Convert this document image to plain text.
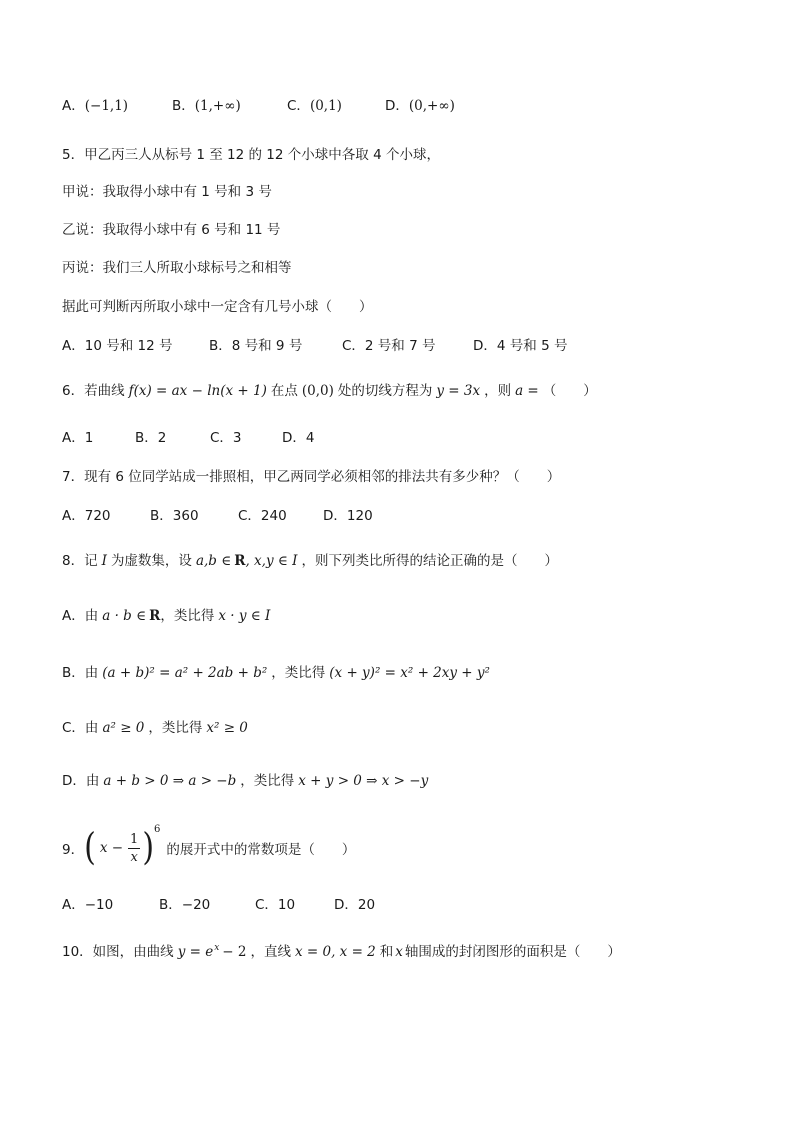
A．(−1,1)	B．(1,+∞)	C．(0,1)	D．(0,+∞)
5．甲乙丙三人从标号 1 至 12 的 12 个小球中各取 4 个小球，
甲说：我取得小球中有 1 号和 3 号
乙说：我取得小球中有 6 号和 11 号
丙说：我们三人所取小球标号之和相等
据此可判断丙所取小球中一定含有几号小球（　　）
A．10 号和 12 号	B．8 号和 9 号	C．2 号和 7 号	D．4 号和 5 号
6．若曲线 f(x) = ax − ln(x + 1) 在点 (0,0) 处的切线方程为 y = 3x ，则 a = （　　）
A．1	B．2	C．3	D．4
7．现有 6 位同学站成一排照相，甲乙两同学必须相邻的排法共有多少种？（　　）
A．720	B．360	C．240	D．120
8．记 I 为虚数集，设 a,b ∈ R, x,y ∈ I ，则下列类比所得的结论正确的是（　　）
A．由 a · b ∈ R，类比得 x · y ∈ I
B．由 (a + b)² = a² + 2ab + b² ，类比得 (x + y)² = x² + 2xy + y²
C．由 a² ≥ 0 ，类比得 x² ≥ 0
D．由 a + b > 0 ⇒ a > −b ，类比得 x + y > 0 ⇒ x > −y
9． ( $x - \frac{1}{x}$ ) 6
的展开式中的常数项是（　　）
A．−10	B．−20	C．10	D．20
10．如图，由曲线 $y = e^x - 2$ ，直线 x = 0, x = 2 和 x 轴围成的封闭图形的面积是（　　）
